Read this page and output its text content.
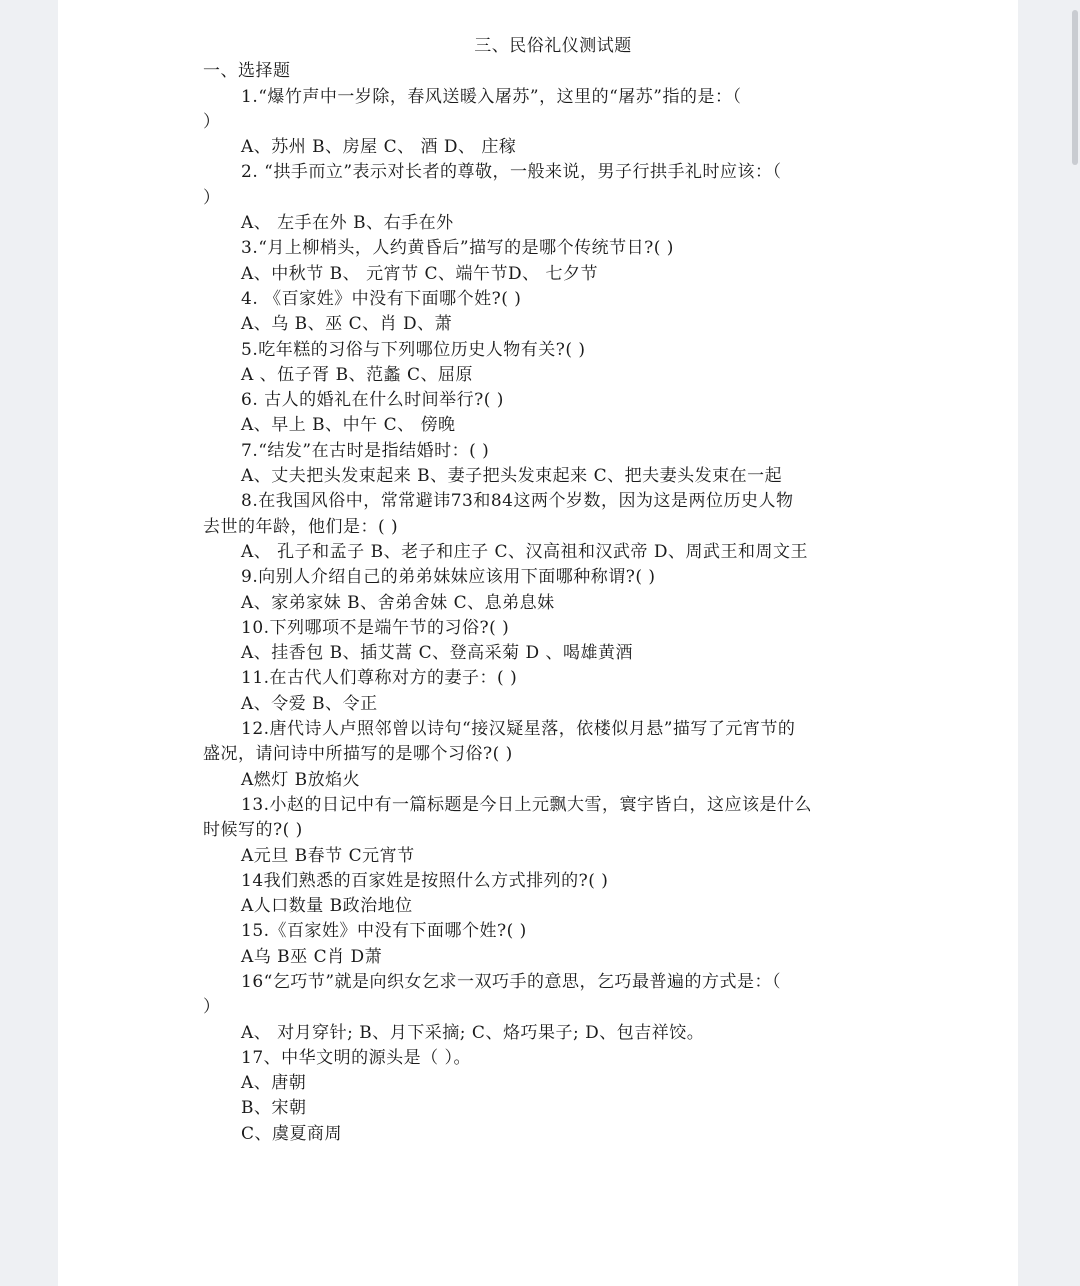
三、民俗礼仪测试题
一、选择题
1.“爆竹声中一岁除，春风送暖入屠苏”，这里的“屠苏”指的是：（
）
A、苏州 B、房屋 C、 酒 D、 庄稼
2. “拱手而立”表示对长者的尊敬，一般来说，男子行拱手礼时应该：（
）
A、 左手在外 B、右手在外
3.“月上柳梢头，人约黄昏后”描写的是哪个传统节日?( )
A、中秋节 B、 元宵节 C、端午节D、 七夕节
4. 《百家姓》中没有下面哪个姓?( )
A、乌 B、巫 C、肖 D、萧
5.吃年糕的习俗与下列哪位历史人物有关?( )
A 、伍子胥 B、范蠡 C、屈原
6. 古人的婚礼在什么时间举行?( )
A、早上 B、中午 C、 傍晚
7.“结发”在古时是指结婚时：( )
A、丈夫把头发束起来 B、妻子把头发束起来 C、把夫妻头发束在一起
8.在我国风俗中，常常避讳73和84这两个岁数，因为这是两位历史人物
去世的年龄，他们是：( )
A、 孔子和孟子 B、老子和庄子 C、汉高祖和汉武帝 D、周武王和周文王
9.向别人介绍自己的弟弟妹妹应该用下面哪种称谓?( )
A、家弟家妹 B、舍弟舍妹 C、息弟息妹
10.下列哪项不是端午节的习俗?( )
A、挂香包 B、插艾蒿 C、登高采菊 D 、喝雄黄酒
11.在古代人们尊称对方的妻子：( )
A、令爱 B、令正
12.唐代诗人卢照邻曾以诗句“接汉疑星落，依楼似月悬”描写了元宵节的
盛况，请问诗中所描写的是哪个习俗?( )
A燃灯 B放焰火
13.小赵的日记中有一篇标题是今日上元飘大雪，寰宇皆白，这应该是什么
时候写的?( )
A元旦 B春节 C元宵节
14我们熟悉的百家姓是按照什么方式排列的?( )
A人口数量 B政治地位
15.《百家姓》中没有下面哪个姓?( )
A乌 B巫 C肖 D萧
16“乞巧节”就是向织女乞求一双巧手的意思，乞巧最普遍的方式是：（
）
A、 对月穿针; B、月下采摘; C、烙巧果子; D、包吉祥饺。
17、中华文明的源头是（ ）。
A、唐朝
B、宋朝
C、虞夏商周
